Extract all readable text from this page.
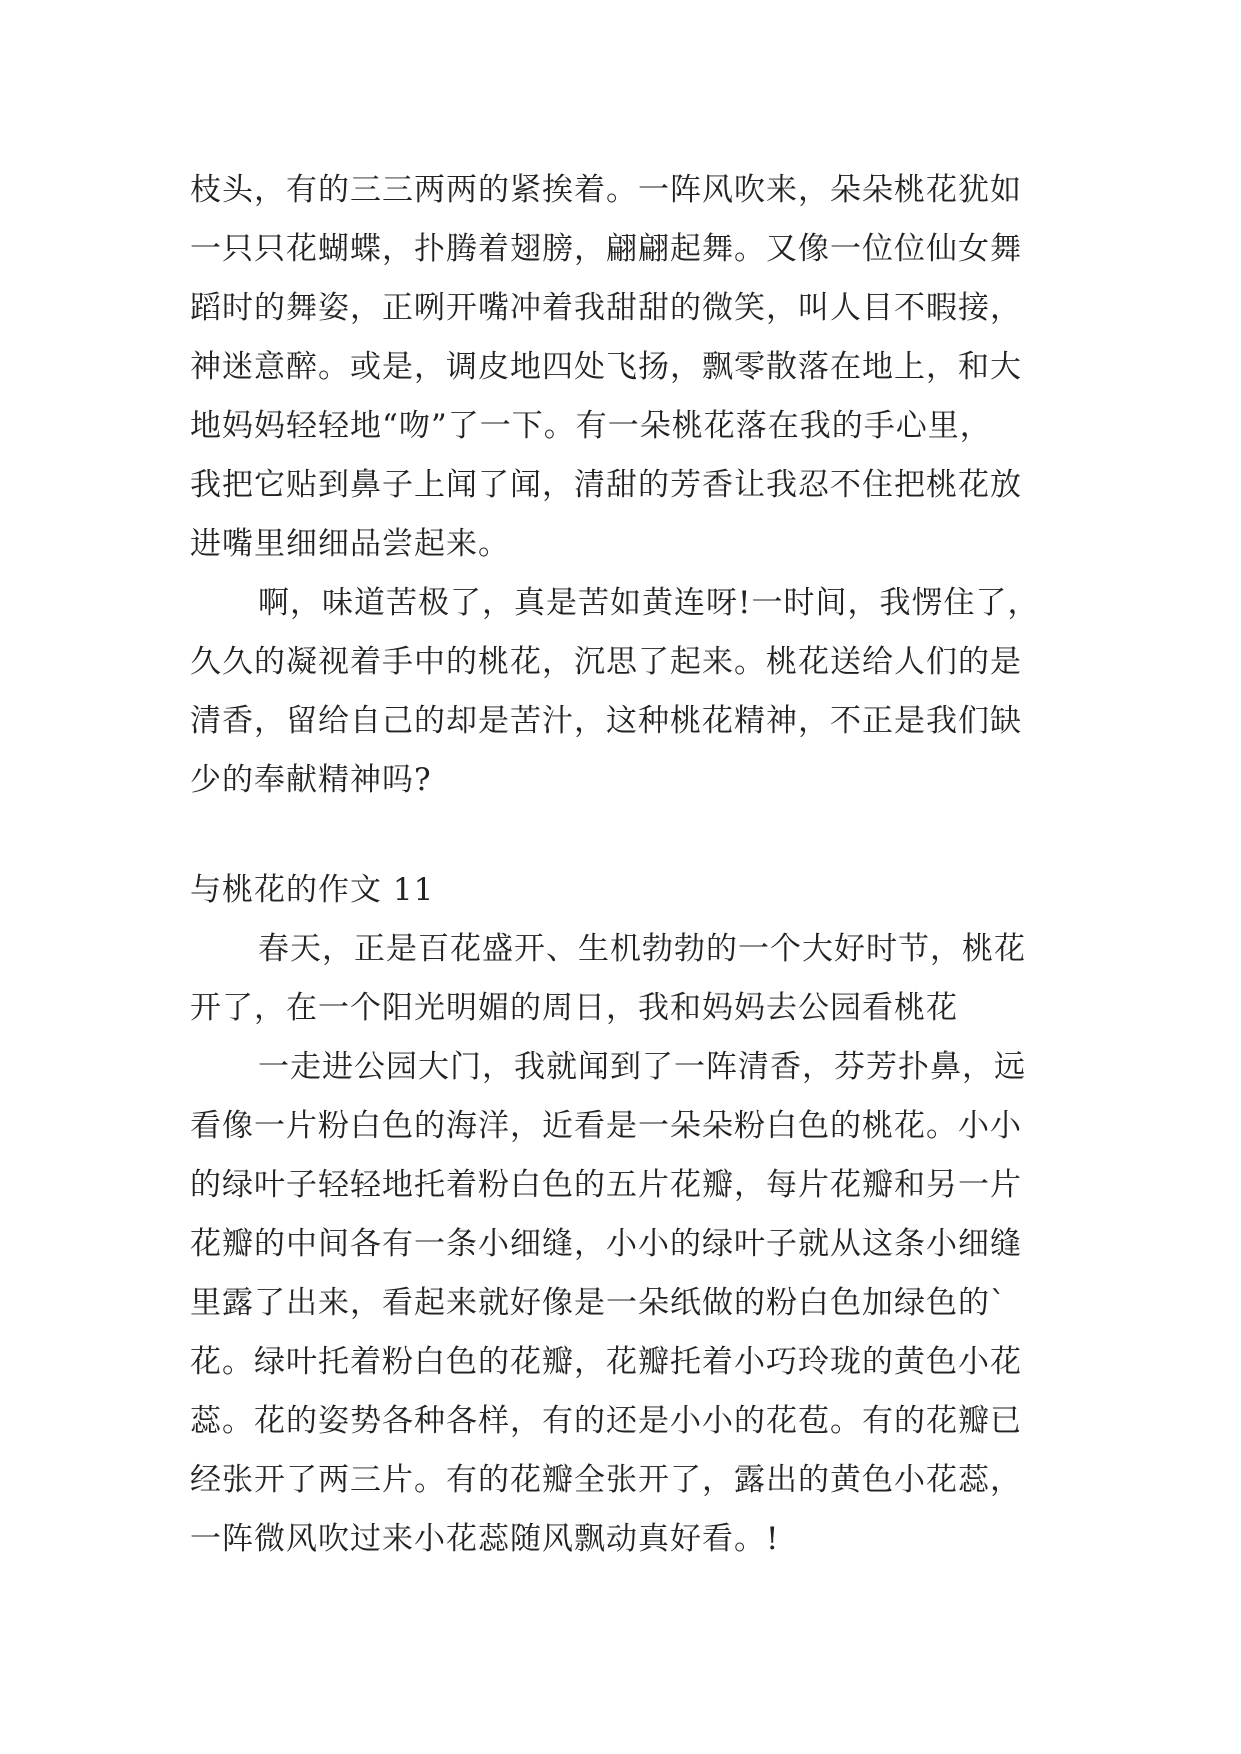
枝头，有的三三两两的紧挨着。一阵风吹来，朵朵桃花犹如
一只只花蝴蝶，扑腾着翅膀，翩翩起舞。又像一位位仙女舞
蹈时的舞姿，正咧开嘴冲着我甜甜的微笑，叫人目不暇接，
神迷意醉。或是，调皮地四处飞扬，飘零散落在地上，和大
地妈妈轻轻地“吻”了一下。有一朵桃花落在我的手心里，
我把它贴到鼻子上闻了闻，清甜的芳香让我忍不住把桃花放
进嘴里细细品尝起来。
啊，味道苦极了，真是苦如黄连呀!一时间，我愣住了，
久久的凝视着手中的桃花，沉思了起来。桃花送给人们的是
清香，留给自己的却是苦汁，这种桃花精神，不正是我们缺
少的奉献精神吗?
与桃花的作文 11
春天，正是百花盛开、生机勃勃的一个大好时节，桃花
开了，在一个阳光明媚的周日，我和妈妈去公园看桃花
一走进公园大门，我就闻到了一阵清香，芬芳扑鼻，远
看像一片粉白色的海洋，近看是一朵朵粉白色的桃花。小小
的绿叶子轻轻地托着粉白色的五片花瓣，每片花瓣和另一片
花瓣的中间各有一条小细缝，小小的绿叶子就从这条小细缝
里露了出来，看起来就好像是一朵纸做的粉白色加绿色的`
花。绿叶托着粉白色的花瓣，花瓣托着小巧玲珑的黄色小花
蕊。花的姿势各种各样，有的还是小小的花苞。有的花瓣已
经张开了两三片。有的花瓣全张开了，露出的黄色小花蕊，
一阵微风吹过来小花蕊随风飘动真好看。!
